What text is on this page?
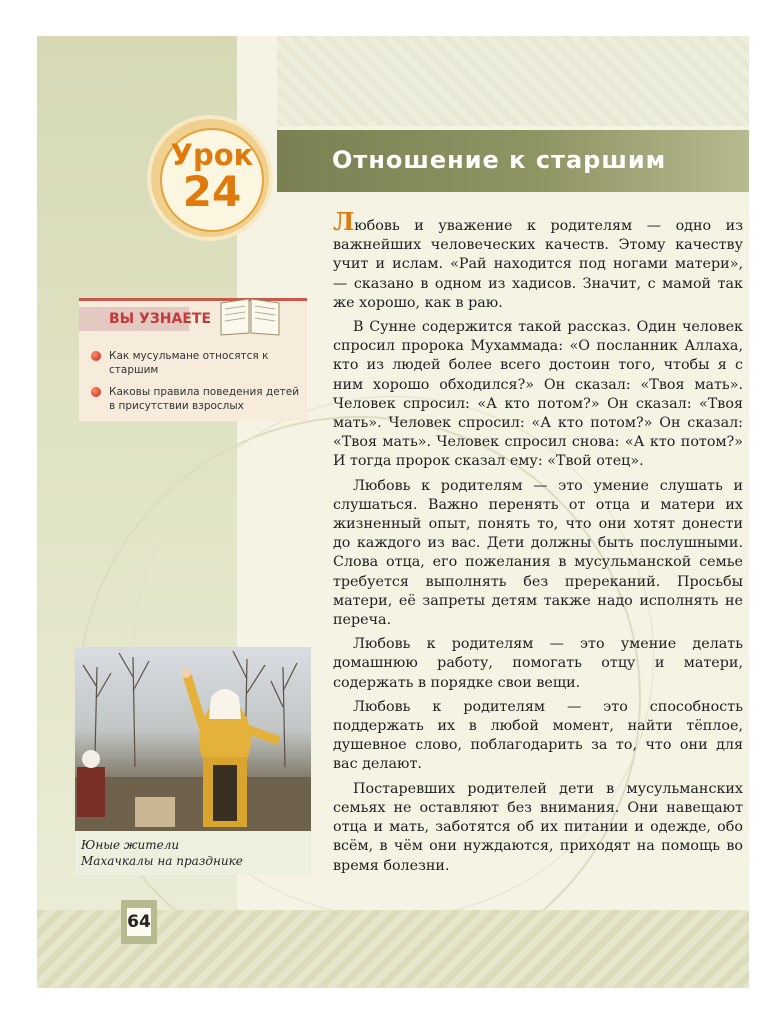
Отношение к старшим
Урок
24
ВЫ УЗНАЕТЕ
Как мусульмане относятся к старшим
Каковы правила поведения детей в присутствии взрослых
Юные жители
Махачкалы на празднике
64

Любовь и уважение к родителям — одно из важнейших человеческих качеств. Этому качеству учит и ислам. «Рай находится под ногами матери», — сказано в одном из хадисов. Значит, с мамой так же хорошо, как в раю.

В Сунне содержится такой рассказ. Один человек спросил пророка Мухаммада: «О посланник Аллаха, кто из людей более всего достоин того, чтобы я с ним хорошо обходился?» Он сказал: «Твоя мать». Человек спросил: «А кто потом?» Он сказал: «Твоя мать». Человек спросил: «А кто потом?» Он сказал: «Твоя мать». Человек спросил снова: «А кто потом?» И тогда пророк сказал ему: «Твой отец».

Любовь к родителям — это умение слушать и слушаться. Важно перенять от отца и матери их жизненный опыт, понять то, что они хотят донести до каждого из вас. Дети должны быть послушными. Слова отца, его пожелания в мусульманской семье требуется выполнять без пререканий. Просьбы матери, её запреты детям также надо исполнять не переча.

Любовь к родителям — это умение делать домашнюю работу, помогать отцу и матери, содержать в порядке свои вещи.

Любовь к родителям — это способность поддержать их в любой момент, найти тёплое, душевное слово, поблагодарить за то, что они для вас делают.

Постаревших родителей дети в мусульманских семьях не оставляют без внимания. Они навещают отца и мать, заботятся об их питании и одежде, обо всём, в чём они нуждаются, приходят на помощь во время болезни.
